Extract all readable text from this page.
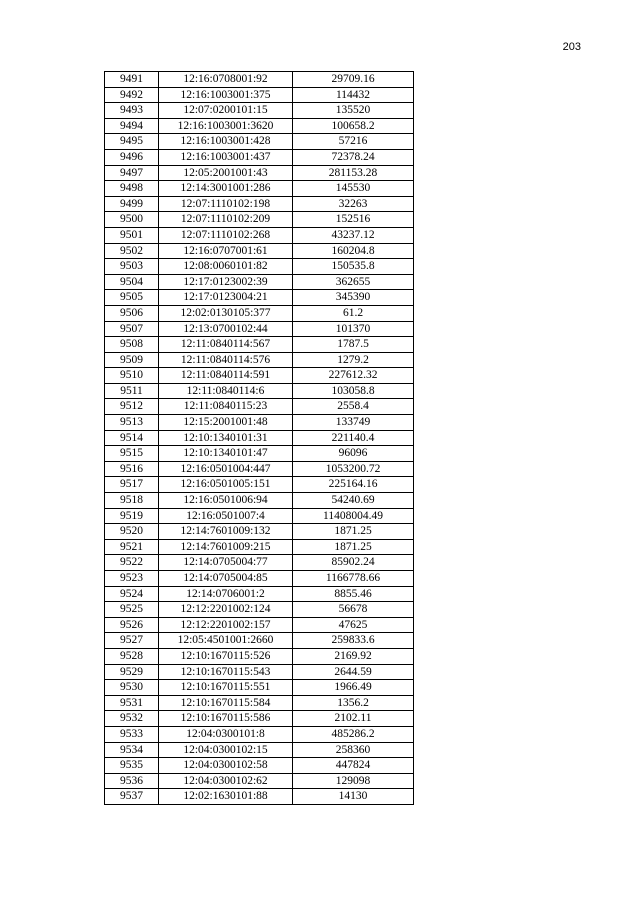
203
9491	12:16:0708001:92	29709.16
9492	12:16:1003001:375	114432
9493	12:07:0200101:15	135520
9494	12:16:1003001:3620	100658.2
9495	12:16:1003001:428	57216
9496	12:16:1003001:437	72378.24
9497	12:05:2001001:43	281153.28
9498	12:14:3001001:286	145530
9499	12:07:1110102:198	32263
9500	12:07:1110102:209	152516
9501	12:07:1110102:268	43237.12
9502	12:16:0707001:61	160204.8
9503	12:08:0060101:82	150535.8
9504	12:17:0123002:39	362655
9505	12:17:0123004:21	345390
9506	12:02:0130105:377	61.2
9507	12:13:0700102:44	101370
9508	12:11:0840114:567	1787.5
9509	12:11:0840114:576	1279.2
9510	12:11:0840114:591	227612.32
9511	12:11:0840114:6	103058.8
9512	12:11:0840115:23	2558.4
9513	12:15:2001001:48	133749
9514	12:10:1340101:31	221140.4
9515	12:10:1340101:47	96096
9516	12:16:0501004:447	1053200.72
9517	12:16:0501005:151	225164.16
9518	12:16:0501006:94	54240.69
9519	12:16:0501007:4	11408004.49
9520	12:14:7601009:132	1871.25
9521	12:14:7601009:215	1871.25
9522	12:14:0705004:77	85902.24
9523	12:14:0705004:85	1166778.66
9524	12:14:0706001:2	8855.46
9525	12:12:2201002:124	56678
9526	12:12:2201002:157	47625
9527	12:05:4501001:2660	259833.6
9528	12:10:1670115:526	2169.92
9529	12:10:1670115:543	2644.59
9530	12:10:1670115:551	1966.49
9531	12:10:1670115:584	1356.2
9532	12:10:1670115:586	2102.11
9533	12:04:0300101:8	485286.2
9534	12:04:0300102:15	258360
9535	12:04:0300102:58	447824
9536	12:04:0300102:62	129098
9537	12:02:1630101:88	14130
